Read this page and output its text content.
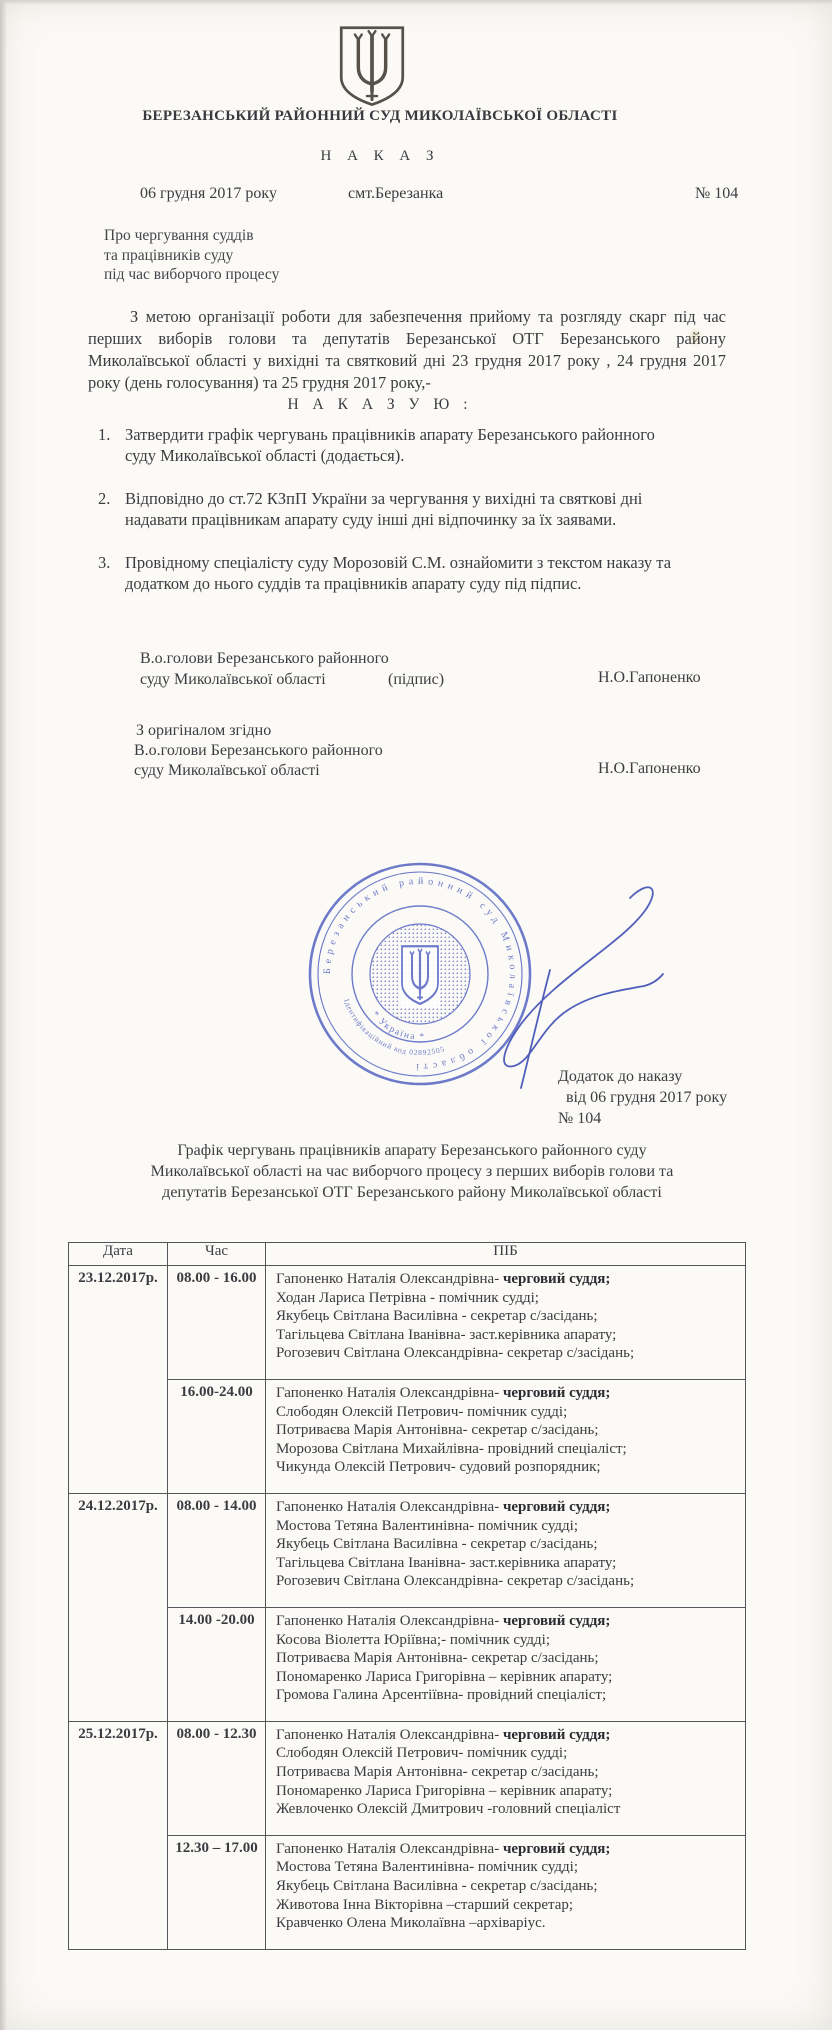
БЕРЕЗАНСЬКИЙ РАЙОННИЙ СУД МИКОЛАЇВСЬКОЇ ОБЛАСТІ
Н А К А З
06 грудня 2017 року	смт.Березанка	№ 104
Про чергування суддів
та працівників суду
під час виборчого процесу
З метою організації роботи для забезпечення прийому та розгляду скарг під час перших виборів голови та депутатів Березанської ОТГ Березанського району Миколаївської області у вихідні та святковий дні 23 грудня 2017 року , 24 грудня 2017 року (день голосування) та 25 грудня 2017 року,-
Н А К А З У Ю :
1. Затвердити графік чергувань працівників апарату Березанського районного суду Миколаївської області (додається).
2. Відповідно до ст.72 КЗпП України за чергування у вихідні та святкові дні надавати працівникам апарату суду інші дні відпочинку за їх заявами.
3. Провідному спеціалісту суду Морозовій С.М. ознайомити з текстом наказу та додатком до нього суддів та працівників апарату суду під підпис.
В.о.голови Березанського районного
суду Миколаївської області	(підпис)	Н.О.Гапоненко
З оригіналом згідно
В.о.голови Березанського районного
суду Миколаївської області	Н.О.Гапоненко
Березанський районний суд Миколаївської області
Ідентифікаційний код 02892505
* Україна *
Додаток до наказу
від 06 грудня 2017 року
№ 104
Графік чергувань працівників апарату Березанського районного суду
Миколаївської області на час виборчого процесу з перших виборів голови та
депутатів Березанської ОТГ Березанського району Миколаївської області
Дата	Час	ПІБ
23.12.2017р.	08.00 - 16.00	Гапоненко Наталія Олександрівна- черговий суддя;
Ходан Лариса Петрівна - помічник судді;
Якубець Світлана Василівна - секретар с/засідань;
Тагільцева Світлана Іванівна- заст.керівника апарату;
Рогозевич Світлана Олександрівна- секретар с/засідань;

	16.00-24.00	Гапоненко Наталія Олександрівна- черговий суддя;
Слободян Олексій Петрович- помічник судді;
Потриваєва Марія Антонівна- секретар с/засідань;
Морозова Світлана Михайлівна- провідний спеціаліст;
Чикунда Олексій Петрович- судовий розпорядник;

24.12.2017р.	08.00 - 14.00	Гапоненко Наталія Олександрівна- черговий суддя;
Мостова Тетяна Валентинівна- помічник судді;
Якубець Світлана Василівна - секретар с/засідань;
Тагільцева Світлана Іванівна- заст.керівника апарату;
Рогозевич Світлана Олександрівна- секретар с/засідань;

	14.00 -20.00	Гапоненко Наталія Олександрівна- черговий суддя;
Косова Віолетта Юріївна;- помічник судді;
Потриваєва Марія Антонівна- секретар с/засідань;
Пономаренко Лариса Григорівна – керівник апарату;
Громова Галина Арсентіївна- провідний спеціаліст;

25.12.2017р.	08.00 - 12.30	Гапоненко Наталія Олександрівна- черговий суддя;
Слободян Олексій Петрович- помічник судді;
Потриваєва Марія Антонівна- секретар с/засідань;
Пономаренко Лариса Григорівна – керівник апарату;
Жевлоченко Олексій Дмитрович -головний спеціаліст

	12.30 – 17.00	Гапоненко Наталія Олександрівна- черговий суддя;
Мостова Тетяна Валентинівна- помічник судді;
Якубець Світлана Василівна - секретар с/засідань;
Животова Інна Вікторівна –старший секретар;
Кравченко Олена Миколаївна –архіваріус.
